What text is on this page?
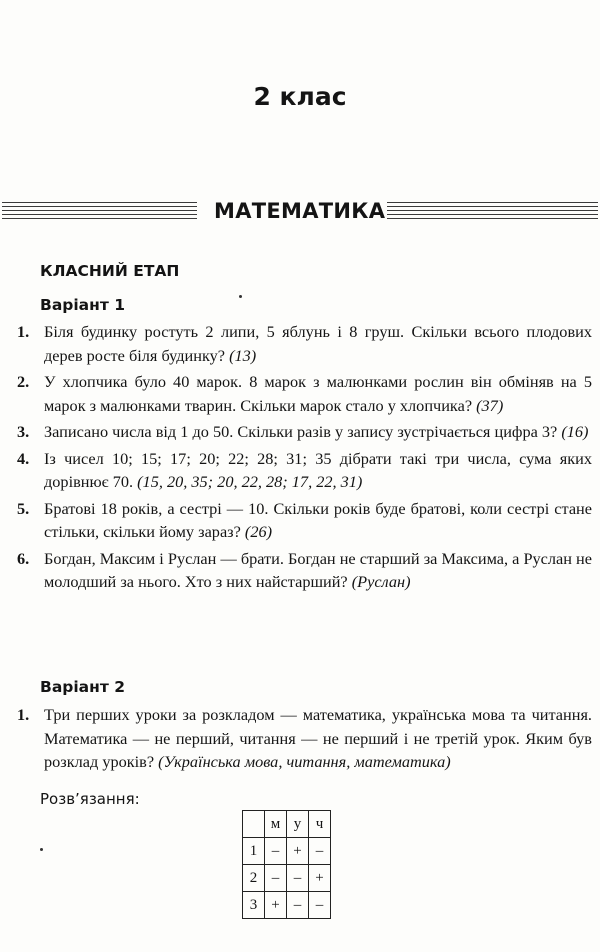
2 клас
МАТЕМАТИКА
КЛАСНИЙ ЕТАП
Варіант 1
1. Біля будинку ростуть 2 липи, 5 яблунь і 8 груш. Скільки всього плодових дерев росте біля будинку? (13)
2. У хлопчика було 40 марок. 8 марок з малюнками рослин він обміняв на 5 марок з малюнками тварин. Скільки марок стало у хлопчика? (37)
3. Записано числа від 1 до 50. Скільки разів у запису зустрічається цифра 3? (16)
4. Із чисел 10; 15; 17; 20; 22; 28; 31; 35 дібрати такі три числа, сума яких дорівнює 70. (15, 20, 35; 20, 22, 28; 17, 22, 31)
5. Братові 18 років, а сестрі — 10. Скільки років буде братові, коли сестрі стане стільки, скільки йому зараз? (26)
6. Богдан, Максим і Руслан — брати. Богдан не старший за Максима, а Руслан не молодший за нього. Хто з них найстарший? (Руслан)
Варіант 2
1. Три перших уроки за розкладом — математика, українська мова та читання. Математика — не перший, читання — не перший і не третій урок. Яким був розклад уроків? (Українська мова, читання, математика)
Розв’язання:
	м	у	ч
1	–	+	–
2	–	–	+
3	+	–	–
